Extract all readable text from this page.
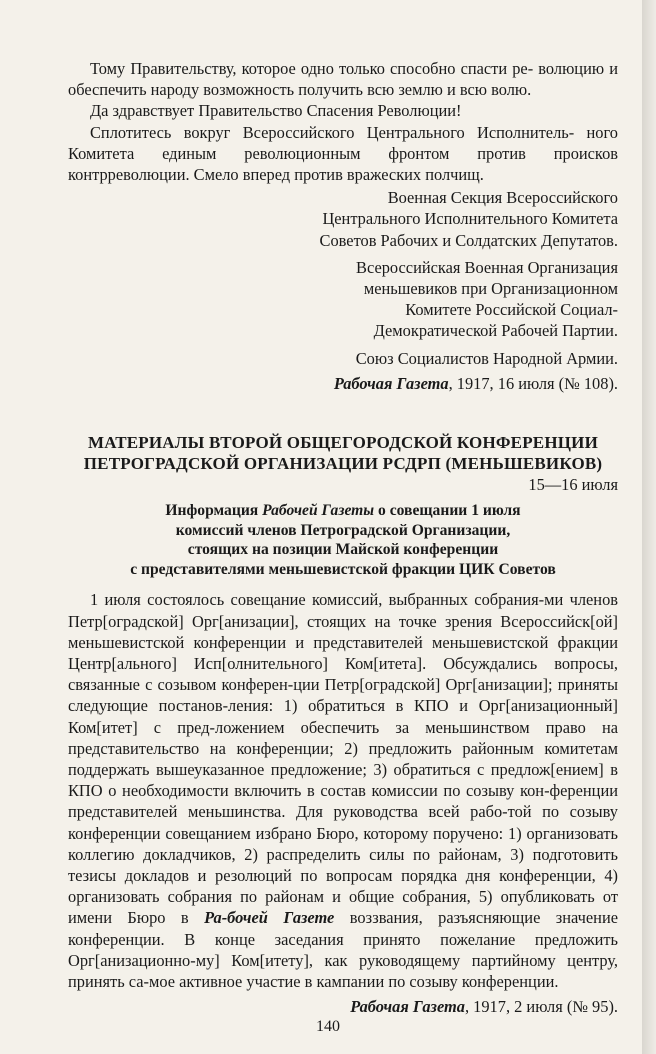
Тому Правительству, которое одно только способно спасти ре- волюцию и обеспечить народу возможность получить всю землю и всю волю.

Да здравствует Правительство Спасения Революции!

Сплотитесь вокруг Всероссийского Центрального Исполнитель- ного Комитета единым революционным фронтом против происков контрреволюции. Смело вперед против вражеских полчищ.

Военная Секция Всероссийского
Центрального Исполнительного Комитета
Советов Рабочих и Солдатских Депутатов.
Всероссийская Военная Организация
меньшевиков при Организационном
Комитете Российской Социал-
Демократической Рабочей Партии.
Союз Социалистов Народной Армии.
Рабочая Газета, 1917, 16 июля (№ 108).
МАТЕРИАЛЫ ВТОРОЙ ОБЩЕГОРОДСКОЙ КОНФЕРЕНЦИИ
ПЕТРОГРАДСКОЙ ОРГАНИЗАЦИИ РСДРП (МЕНЬШЕВИКОВ)
15—16 июля
Информация Рабочей Газеты о совещании 1 июля
комиссий членов Петроградской Организации,
стоящих на позиции Майской конференции
с представителями меньшевистской фракции ЦИК Советов

1 июля состоялось совещание комиссий, выбранных собрания-ми членов Петр[оградской] Орг[анизации], стоящих на точке зрения Всероссийск[ой] меньшевистской конференции и представителей меньшевистской фракции Центр[ального] Исп[олнительного] Ком[итета]. Обсуждались вопросы, связанные с созывом конферен-ции Петр[оградской] Орг[анизации]; приняты следующие постанов-ления: 1) обратиться в КПО и Орг[анизационный] Ком[итет] с пред-ложением обеспечить за меньшинством право на представительство на конференции; 2) предложить районным комитетам поддержать вышеуказанное предложение; 3) обратиться с предлож[ением] в КПО о необходимости включить в состав комиссии по созыву кон-ференции представителей меньшинства. Для руководства всей рабо-той по созыву конференции совещанием избрано Бюро, которому поручено: 1) организовать коллегию докладчиков, 2) распределить силы по районам, 3) подготовить тезисы докладов и резолюций по вопросам порядка дня конференции, 4) организовать собрания по районам и общие собрания, 5) опубликовать от имени Бюро в Ра-бочей Газете воззвания, разъясняющие значение конференции. В конце заседания принято пожелание предложить Орг[анизационно-му] Ком[итету], как руководящему партийному центру, принять са-мое активное участие в кампании по созыву конференции.

Рабочая Газета, 1917, 2 июля (№ 95).
140
